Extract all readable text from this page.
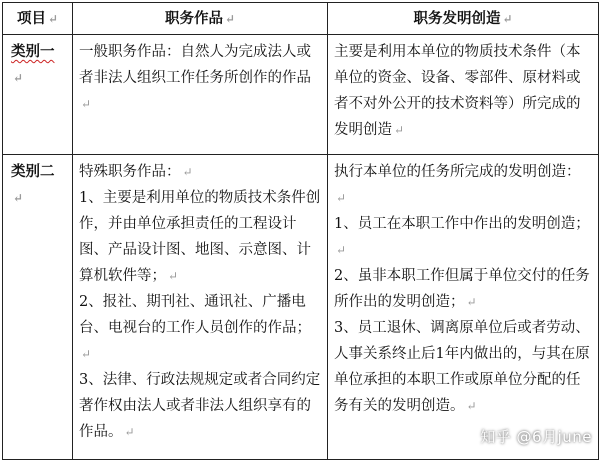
项目 ↵	职务作品 ↵	职务发明创造 ↵
类别一↵	一般职务作品：自然人为完成法人或者非法人组织工作任务所创作的作品↵	主要是利用本单位的物质技术条件（本单位的资金、设备、零部件、原材料或者不对外公开的技术资料等）所完成的发明创造 ↵

类别二↵	特殊职务作品： ↵
1、主要是利用单位的物质技术条件创作，并由单位承担责任的工程设计图、产品设计图、地图、示意图、计算机软件等； ↵
2、报社、期刊社、通讯社、广播电台、电视台的工作人员创作的作品；↵
3、法律、行政法规规定或者合同约定著作权由法人或者非法人组织享有的作品。 ↵	执行本单位的任务所完成的发明创造：↵
1、员工在本职工作中作出的发明创造；↵
2、虽非本职工作但属于单位交付的任务所作出的发明创造； ↵
3、员工退休、调离原单位后或者劳动、人事关系终止后1年内做出的，与其在原单位承担的本职工作或原单位分配的任务有关的发明创造。 ↵
知乎 @6月june
